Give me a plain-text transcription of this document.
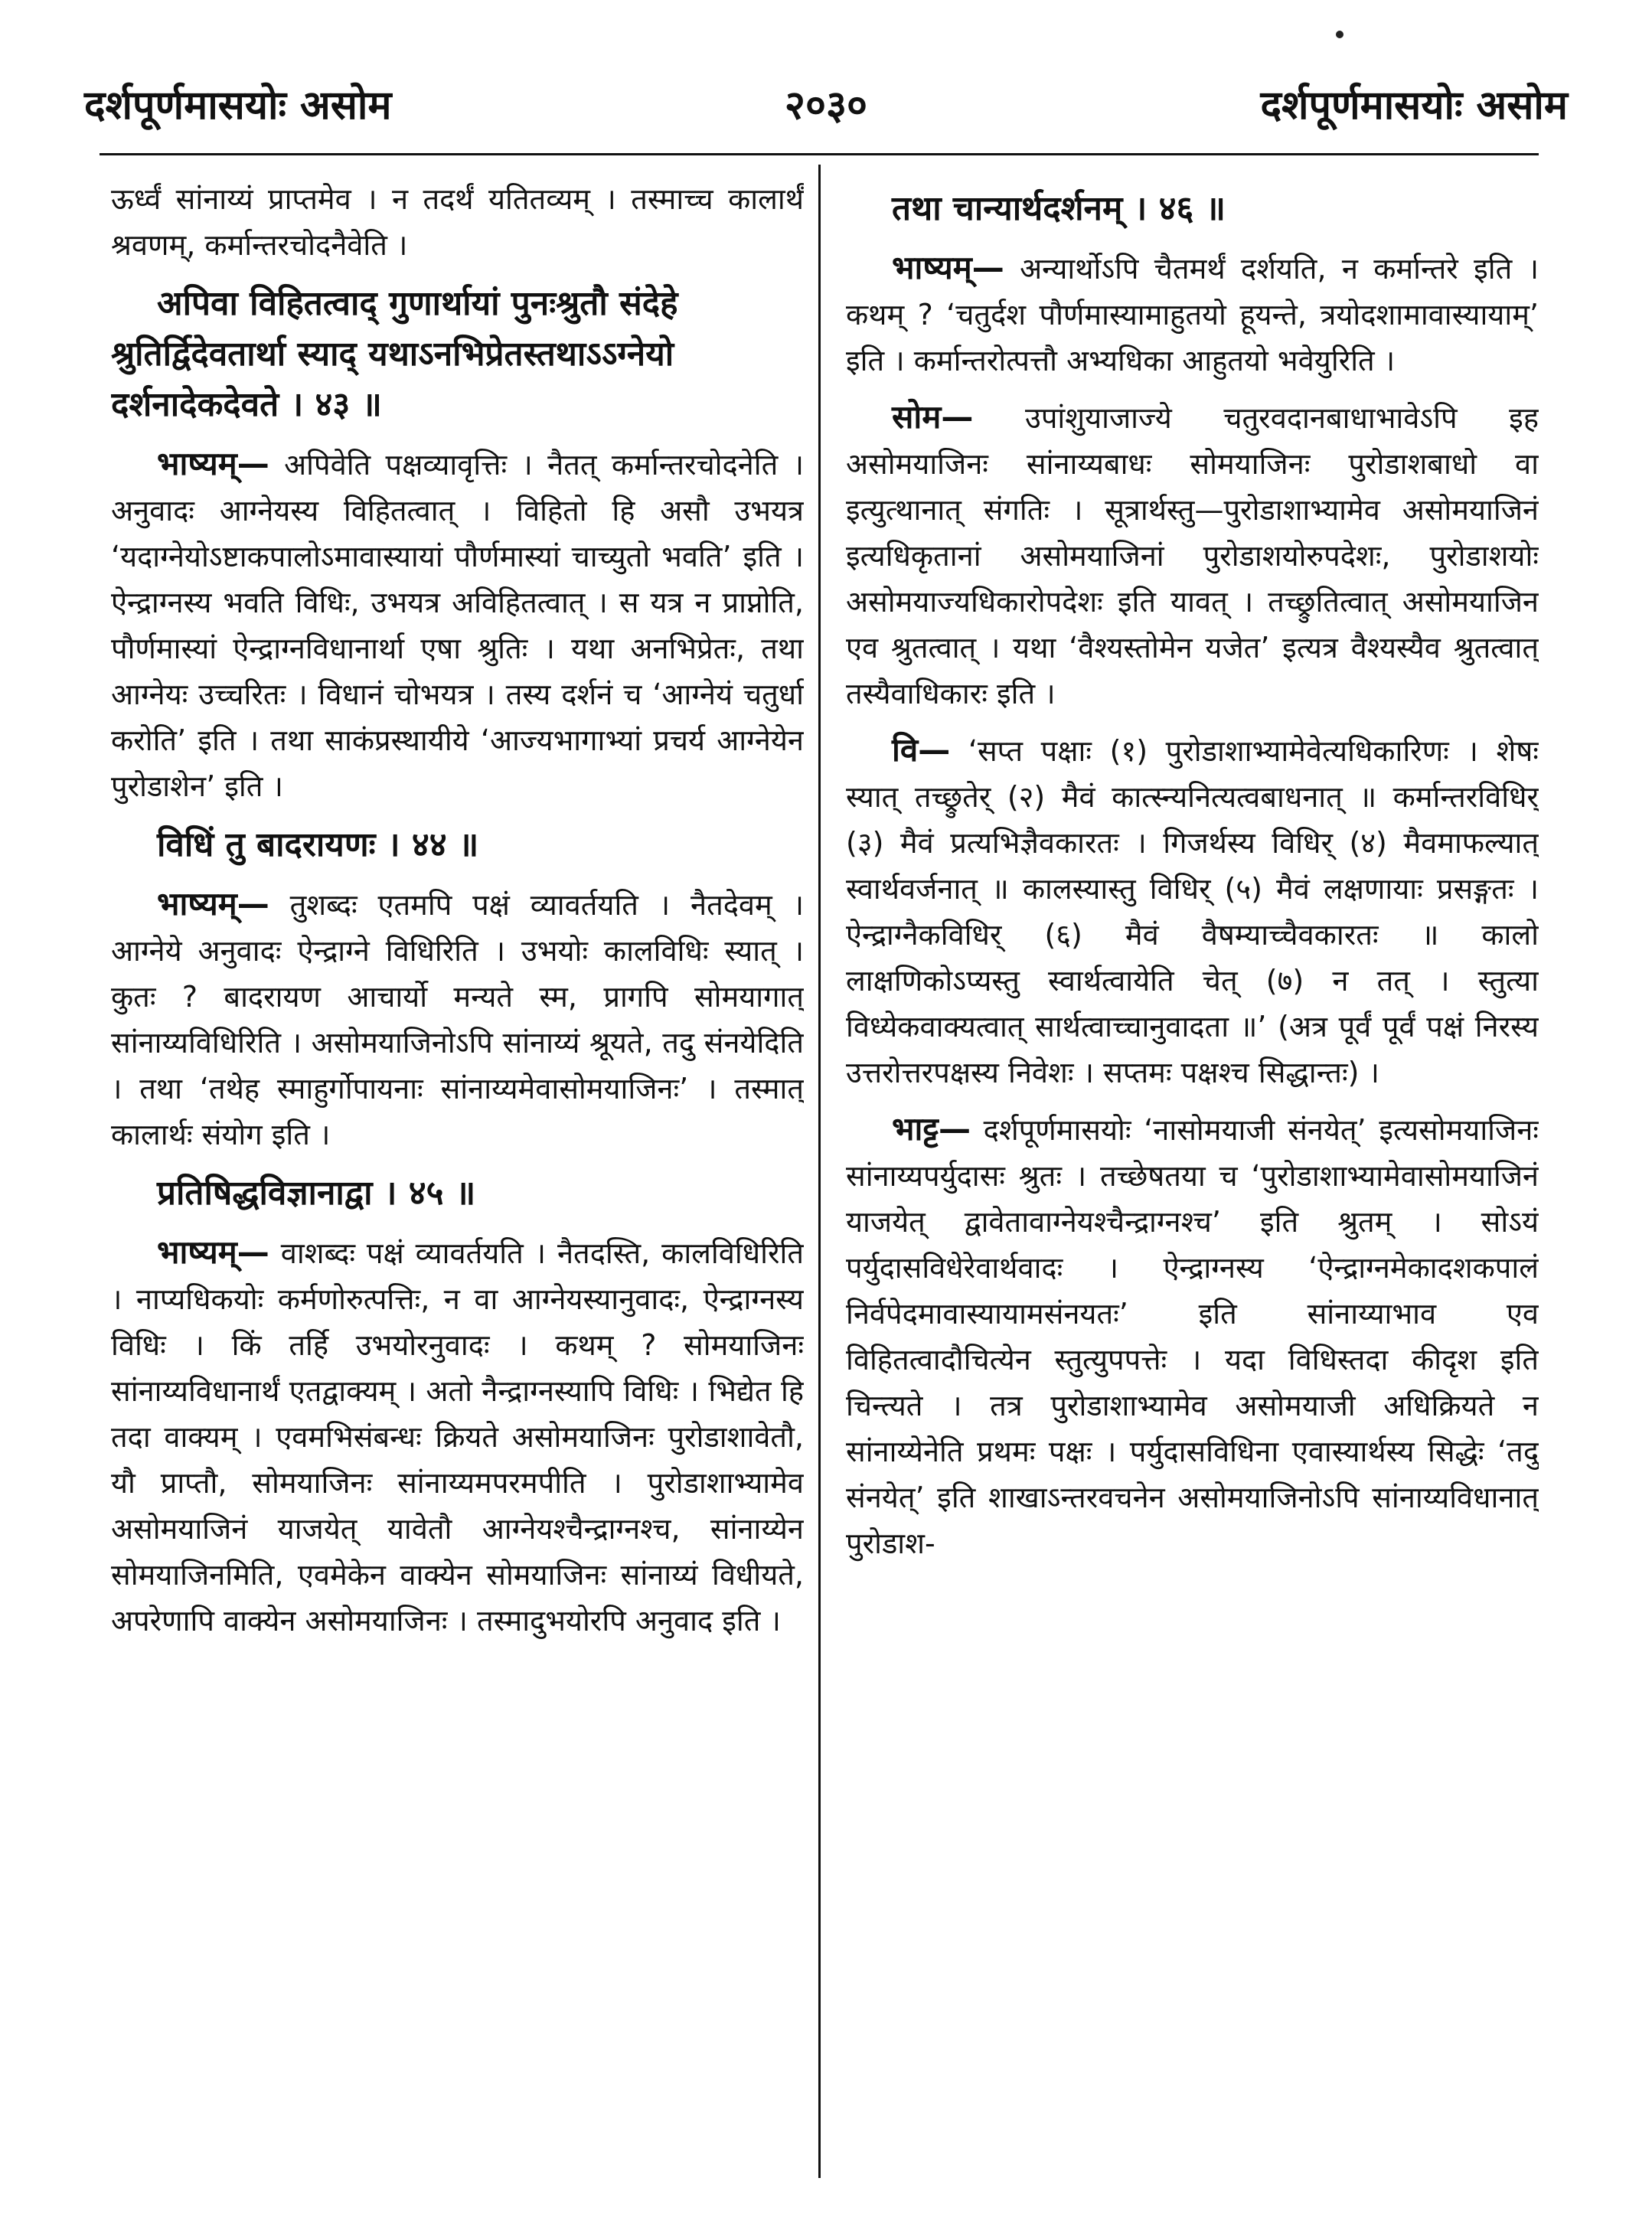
दर्शपूर्णमासयोः असोम	२०३०	दर्शपूर्णमासयोः असोम

ऊर्ध्वं सांनाय्यं प्राप्तमेव । न तदर्थं यतितव्यम् । तस्माच्च कालार्थं श्रवणम्, कर्मान्तरचोदनैवेति ।

अपिवा विहितत्वाद् गुणार्थायां पुनःश्रुतौ संदेहे श्रुतिर्द्विदेवतार्था स्याद् यथाऽनभिप्रेतस्तथाऽऽग्नेयो दर्शनादेकदेवते । ४३ ॥

भाष्यम्— अपिवेति पक्षव्यावृत्तिः । नैतत् कर्मान्तरचोदनेति । अनुवादः आग्नेयस्य विहितत्वात् । विहितो हि असौ उभयत्र ‘यदाग्नेयोऽष्टाकपालोऽमावास्यायां पौर्णमास्यां चाच्युतो भवति’ इति । ऐन्द्राग्नस्य भवति विधिः, उभयत्र अविहितत्वात् । स यत्र न प्राप्नोति, पौर्णमास्यां ऐन्द्राग्नविधानार्था एषा श्रुतिः । यथा अनभिप्रेतः, तथा आग्नेयः उच्चरितः । विधानं चोभयत्र । तस्य दर्शनं च ‘आग्नेयं चतुर्धा करोति’ इति । तथा साकंप्रस्थायीये ‘आज्यभागाभ्यां प्रचर्य आग्नेयेन पुरोडाशेन’ इति ।

विधिं तु बादरायणः । ४४ ॥

भाष्यम्— तुशब्दः एतमपि पक्षं व्यावर्तयति । नैतदेवम् । आग्नेये अनुवादः ऐन्द्राग्ने विधिरिति । उभयोः कालविधिः स्यात् । कुतः ? बादरायण आचार्यो मन्यते स्म, प्रागपि सोमयागात् सांनाय्यविधिरिति । असोमयाजिनोऽपि सांनाय्यं श्रूयते, तदु संनयेदिति । तथा ‘तथेह स्माहुर्गोपायनाः सांनाय्यमेवासोमयाजिनः’ । तस्मात् कालार्थः संयोग इति ।

प्रतिषिद्धविज्ञानाद्वा । ४५ ॥

भाष्यम्— वाशब्दः पक्षं व्यावर्तयति । नैतदस्ति, कालविधिरिति । नाप्यधिकयोः कर्मणोरुत्पत्तिः, न वा आग्नेयस्यानुवादः, ऐन्द्राग्नस्य विधिः । किं तर्हि उभयोरनुवादः । कथम् ? सोमयाजिनः सांनाय्यविधानार्थं एतद्वाक्यम् । अतो नैन्द्राग्नस्यापि विधिः । भिद्येत हि तदा वाक्यम् । एवमभिसंबन्धः क्रियते असोमयाजिनः पुरोडाशावेतौ, यौ प्राप्तौ, सोमयाजिनः सांनाय्यमपरमपीति । पुरोडाशाभ्यामेव असोमयाजिनं याजयेत् यावेतौ आग्नेयश्चैन्द्राग्नश्च, सांनाय्येन सोमयाजिनमिति, एवमेकेन वाक्येन सोमयाजिनः सांनाय्यं विधीयते, अपरेणापि वाक्येन असोमयाजिनः । तस्मादुभयोरपि अनुवाद इति ।

तथा चान्यार्थदर्शनम् । ४६ ॥

भाष्यम्— अन्यार्थोऽपि चैतमर्थं दर्शयति, न कर्मान्तरे इति । कथम् ? ‘चतुर्दश पौर्णमास्यामाहुतयो हूयन्ते, त्रयोदशामावास्यायाम्’ इति । कर्मान्तरोत्पत्तौ अभ्यधिका आहुतयो भवेयुरिति ।

सोम— उपांशुयाजाज्ये चतुरवदानबाधाभावेऽपि इह असोमयाजिनः सांनाय्यबाधः सोमयाजिनः पुरोडाशबाधो वा इत्युत्थानात् संगतिः । सूत्रार्थस्तु—पुरोडाशाभ्यामेव असोमयाजिनं इत्यधिकृतानां असोमयाजिनां पुरोडाशयोरुपदेशः, पुरोडाशयोः असोमयाज्यधिकारोपदेशः इति यावत् । तच्छ्रुतित्वात् असोमयाजिन एव श्रुतत्वात् । यथा ‘वैश्यस्तोमेन यजेत’ इत्यत्र वैश्यस्यैव श्रुतत्वात् तस्यैवाधिकारः इति ।

वि— ‘सप्त पक्षाः (१) पुरोडाशाभ्यामेवेत्यधिकारिणः । शेषः स्यात् तच्छ्रुतेर् (२) मैवं कात्स्न्यनित्यत्वबाधनात् ॥ कर्मान्तरविधिर् (३) मैवं प्रत्यभिज्ञैवकारतः । गिजर्थस्य विधिर् (४) मैवमाफल्यात् स्वार्थवर्जनात् ॥ कालस्यास्तु विधिर् (५) मैवं लक्षणायाः प्रसङ्गतः । ऐन्द्राग्नैकविधिर् (६) मैवं वैषम्याच्चैवकारतः ॥ कालो लाक्षणिकोऽप्यस्तु स्वार्थत्वायेति चेत् (७) न तत् । स्तुत्या विध्येकवाक्यत्वात् सार्थत्वाच्चानुवादता ॥’ (अत्र पूर्वं पूर्वं पक्षं निरस्य उत्तरोत्तरपक्षस्य निवेशः । सप्तमः पक्षश्च सिद्धान्तः) ।

भाट्ट— दर्शपूर्णमासयोः ‘नासोमयाजी संनयेत्’ इत्यसोमयाजिनः सांनाय्यपर्युदासः श्रुतः । तच्छेषतया च ‘पुरोडाशाभ्यामेवासोमयाजिनं याजयेत् द्वावेतावाग्नेयश्चैन्द्राग्नश्च’ इति श्रुतम् । सोऽयं पर्युदासविधेरेवार्थवादः । ऐन्द्राग्नस्य ‘ऐन्द्राग्नमेकादशकपालं निर्वपेदमावास्यायामसंनयतः’ इति सांनाय्याभाव एव विहितत्वादौचित्येन स्तुत्युपपत्तेः । यदा विधिस्तदा कीदृश इति चिन्त्यते । तत्र पुरोडाशाभ्यामेव असोमयाजी अधिक्रियते न सांनाय्येनेति प्रथमः पक्षः । पर्युदासविधिना एवास्यार्थस्य सिद्धेः ‘तदु संनयेत्’ इति शाखाऽन्तरवचनेन असोमयाजिनोऽपि सांनाय्यविधानात् पुरोडाश-
